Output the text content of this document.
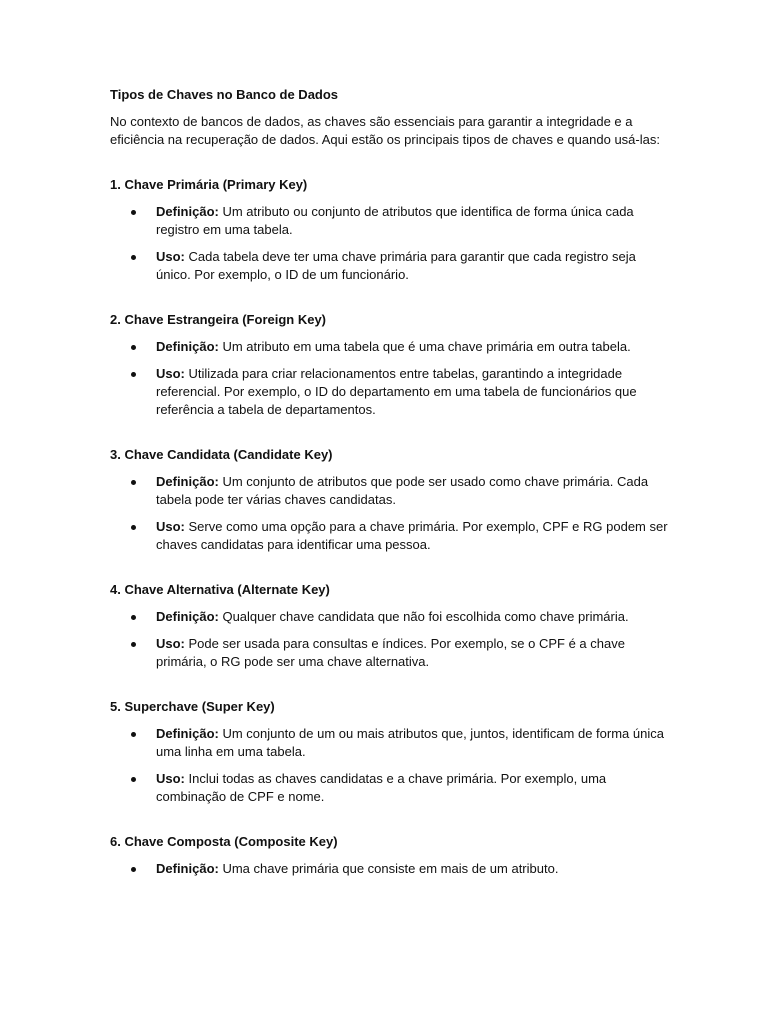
Tipos de Chaves no Banco de Dados

No contexto de bancos de dados, as chaves são essenciais para garantir a integridade e a eficiência na recuperação de dados. Aqui estão os principais tipos de chaves e quando usá-las:

1. Chave Primária (Primary Key)

Definição: Um atributo ou conjunto de atributos que identifica de forma única cada registro em uma tabela.
Uso: Cada tabela deve ter uma chave primária para garantir que cada registro seja único. Por exemplo, o ID de um funcionário.

2. Chave Estrangeira (Foreign Key)

Definição: Um atributo em uma tabela que é uma chave primária em outra tabela.
Uso: Utilizada para criar relacionamentos entre tabelas, garantindo a integridade referencial. Por exemplo, o ID do departamento em uma tabela de funcionários que referência a tabela de departamentos.

3. Chave Candidata (Candidate Key)

Definição: Um conjunto de atributos que pode ser usado como chave primária. Cada tabela pode ter várias chaves candidatas.
Uso: Serve como uma opção para a chave primária. Por exemplo, CPF e RG podem ser chaves candidatas para identificar uma pessoa.

4. Chave Alternativa (Alternate Key)

Definição: Qualquer chave candidata que não foi escolhida como chave primária.
Uso: Pode ser usada para consultas e índices. Por exemplo, se o CPF é a chave primária, o RG pode ser uma chave alternativa.

5. Superchave (Super Key)

Definição: Um conjunto de um ou mais atributos que, juntos, identificam de forma única uma linha em uma tabela.
Uso: Inclui todas as chaves candidatas e a chave primária. Por exemplo, uma combinação de CPF e nome.

6. Chave Composta (Composite Key)

Definição: Uma chave primária que consiste em mais de um atributo.
